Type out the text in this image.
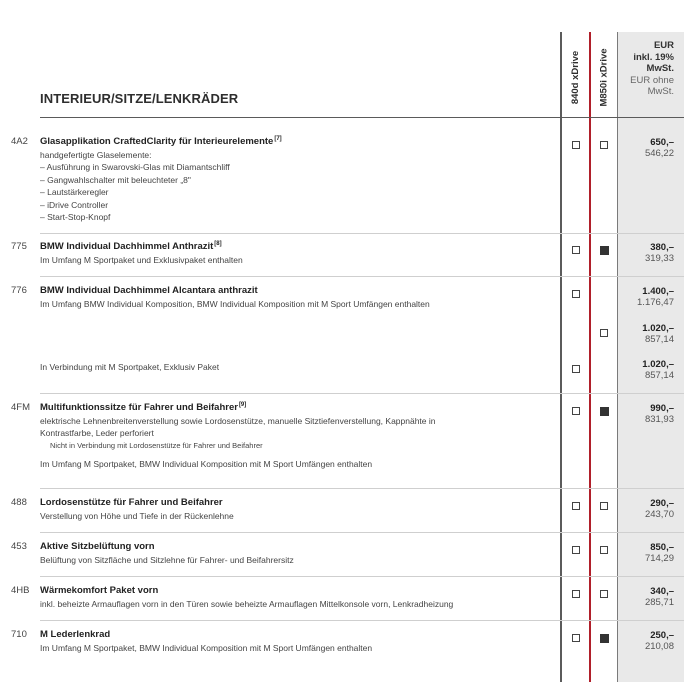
INTERIEUR/SITZE/LENKRÄDER	840d xDrive M850i xDrive
EUR
inkl. 19%
MwSt.
EUR ohne
MwSt.
4A2 Glasapplikation CraftedClarity für Interieurelemente[7]
handgefertigte Glaselemente:
– Ausführung in Swarovski-Glas mit Diamantschliff
– Gangwahlschalter mit beleuchteter „8"
– Lautstärkeregler
– iDrive Controller
– Start-Stop-Knopf
650,–
546,22
775 BMW Individual Dachhimmel Anthrazit[8]
Im Umfang M Sportpaket und Exklusivpaket enthalten
380,–
319,33
776 BMW Individual Dachhimmel Alcantara anthrazit
Im Umfang BMW Individual Komposition, BMW Individual Komposition mit M Sport Umfängen enthalten
1.400,–
1.176,47
1.020,–
857,14
In Verbindung mit M Sportpaket, Exklusiv Paket	1.020,–
857,14
4FM Multifunktionssitze für Fahrer und Beifahrer[9]
elektrische Lehnenbreitenverstellung sowie Lordosenstütze, manuelle Sitztiefenverstellung, Kappnähte in
Kontrastfarbe, Leder perforiert
Nicht in Verbindung mit Lordosenstütze für Fahrer und Beifahrer
Im Umfang M Sportpaket, BMW Individual Komposition mit M Sport Umfängen enthalten
990,–
831,93
488 Lordosenstütze für Fahrer und Beifahrer
Verstellung von Höhe und Tiefe in der Rückenlehne
290,–
243,70
453 Aktive Sitzbelüftung vorn
Belüftung von Sitzfläche und Sitzlehne für Fahrer- und Beifahrersitz
850,–
714,29
4HB Wärmekomfort Paket vorn
inkl. beheizte Armauflagen vorn in den Türen sowie beheizte Armauflagen Mittelkonsole vorn, Lenkradheizung
340,–
285,71
710 M Lederlenkrad
Im Umfang M Sportpaket, BMW Individual Komposition mit M Sport Umfängen enthalten
250,–
210,08
